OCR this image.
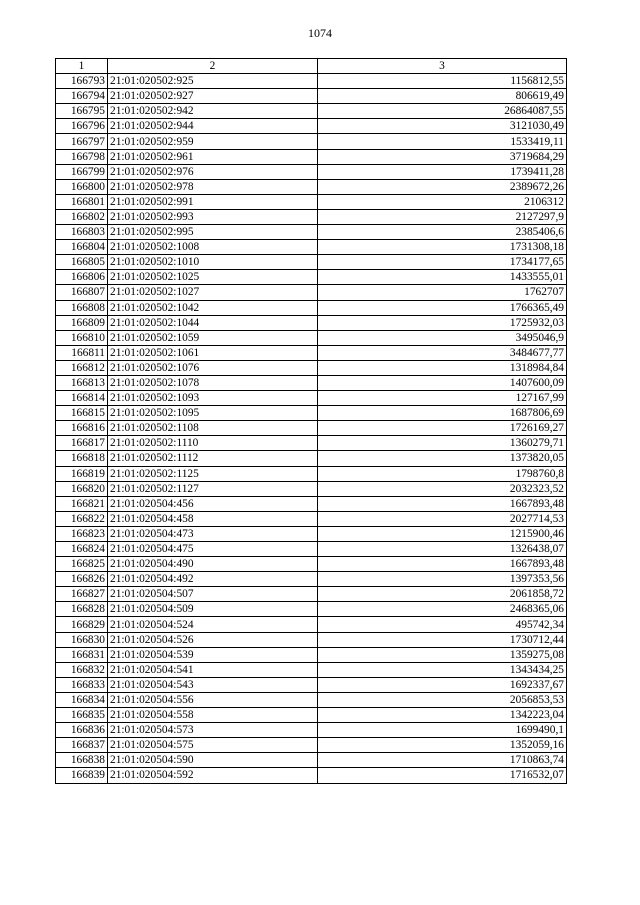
1074
1	2	3
166793	21:01:020502:925	1156812,55
166794	21:01:020502:927	806619,49
166795	21:01:020502:942	26864087,55
166796	21:01:020502:944	3121030,49
166797	21:01:020502:959	1533419,11
166798	21:01:020502:961	3719684,29
166799	21:01:020502:976	1739411,28
166800	21:01:020502:978	2389672,26
166801	21:01:020502:991	2106312
166802	21:01:020502:993	2127297,9
166803	21:01:020502:995	2385406,6
166804	21:01:020502:1008	1731308,18
166805	21:01:020502:1010	1734177,65
166806	21:01:020502:1025	1433555,01
166807	21:01:020502:1027	1762707
166808	21:01:020502:1042	1766365,49
166809	21:01:020502:1044	1725932,03
166810	21:01:020502:1059	3495046,9
166811	21:01:020502:1061	3484677,77
166812	21:01:020502:1076	1318984,84
166813	21:01:020502:1078	1407600,09
166814	21:01:020502:1093	127167,99
166815	21:01:020502:1095	1687806,69
166816	21:01:020502:1108	1726169,27
166817	21:01:020502:1110	1360279,71
166818	21:01:020502:1112	1373820,05
166819	21:01:020502:1125	1798760,8
166820	21:01:020502:1127	2032323,52
166821	21:01:020504:456	1667893,48
166822	21:01:020504:458	2027714,53
166823	21:01:020504:473	1215900,46
166824	21:01:020504:475	1326438,07
166825	21:01:020504:490	1667893,48
166826	21:01:020504:492	1397353,56
166827	21:01:020504:507	2061858,72
166828	21:01:020504:509	2468365,06
166829	21:01:020504:524	495742,34
166830	21:01:020504:526	1730712,44
166831	21:01:020504:539	1359275,08
166832	21:01:020504:541	1343434,25
166833	21:01:020504:543	1692337,67
166834	21:01:020504:556	2056853,53
166835	21:01:020504:558	1342223,04
166836	21:01:020504:573	1699490,1
166837	21:01:020504:575	1352059,16
166838	21:01:020504:590	1710863,74
166839	21:01:020504:592	1716532,07
